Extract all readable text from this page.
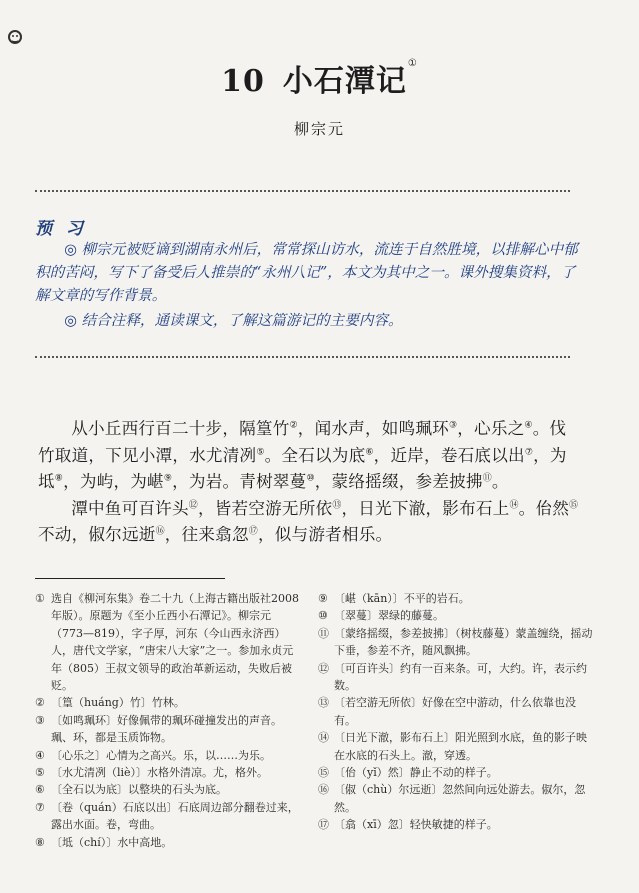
10 小石潭记①
柳宗元
预 习

◎ 柳宗元被贬谪到湖南永州后，常常探山访水，流连于自然胜境，以排解心中郁积的苦闷，写下了备受后人推崇的“永州八记”，本文为其中之一。课外搜集资料，了解文章的写作背景。

◎ 结合注释，通读课文，了解这篇游记的主要内容。

从小丘西行百二十步，隔篁竹②，闻水声，如鸣珮环③，心乐之④。伐竹取道，下见小潭，水尤清冽⑤。全石以为底⑥，近岸，卷石底以出⑦，为坻⑧，为屿，为嵁⑨，为岩。青树翠蔓⑩，蒙络摇缀，参差披拂⑪。

潭中鱼可百许头⑫，皆若空游无所依⑬，日光下澈，影布石上⑭。佁然⑮不动，俶尔远逝⑯，往来翕忽⑰，似与游者相乐。

① 选自《柳河东集》卷二十九（上海古籍出版社2008年版）。原题为《至小丘西小石潭记》。柳宗元（773—819），字子厚，河东（今山西永济西）人，唐代文学家，“唐宋八大家”之一。参加永贞元年（805）王叔文领导的政治革新运动，失败后被贬。
② 〔篁（huáng）竹〕竹林。
③ 〔如鸣珮环〕好像佩带的珮环碰撞发出的声音。珮、环，都是玉质饰物。
④ 〔心乐之〕心情为之高兴。乐，以……为乐。
⑤ 〔水尤清冽（liè）〕水格外清凉。尤，格外。
⑥ 〔全石以为底〕以整块的石头为底。
⑦ 〔卷（quán）石底以出〕石底周边部分翻卷过来，露出水面。卷，弯曲。
⑧ 〔坻（chí）〕水中高地。
⑨ 〔嵁（kān）〕不平的岩石。
⑩ 〔翠蔓〕翠绿的藤蔓。
⑪ 〔蒙络摇缀，参差披拂〕（树枝藤蔓）蒙盖缠绕，摇动下垂，参差不齐，随风飘拂。
⑫ 〔可百许头〕约有一百来条。可，大约。许，表示约数。
⑬ 〔若空游无所依〕好像在空中游动，什么依靠也没有。
⑭ 〔日光下澈，影布石上〕阳光照到水底，鱼的影子映在水底的石头上。澈，穿透。
⑮ 〔佁（yǐ）然〕静止不动的样子。
⑯ 〔俶（chù）尔远逝〕忽然间向远处游去。俶尔，忽然。
⑰ 〔翕（xī）忽〕轻快敏捷的样子。
